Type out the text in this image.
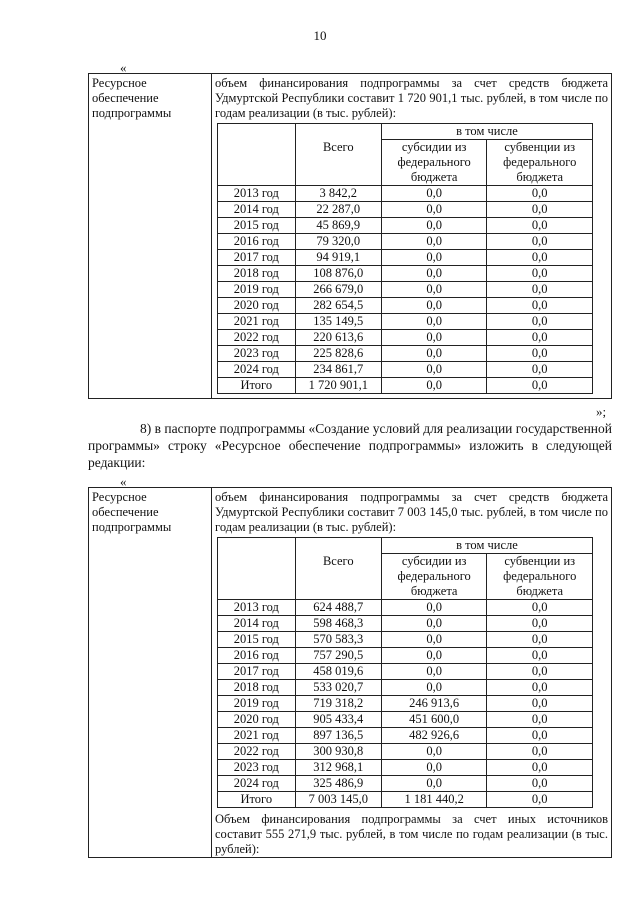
10
«
Ресурсное обеспечение подпрограммы	
объем финансирования подпрограммы за счет средств бюджета Удмуртской Республики составит 1 720 901,1 тыс. рублей, в том числе по годам реализации (в тыс. рублей):
	Всего	в том числе
субсидии из федерального бюджета	субвенции из федерального бюджета
2013 год	3 842,2	0,0	0,0
2014 год	22 287,0	0,0	0,0
2015 год	45 869,9	0,0	0,0
2016 год	79 320,0	0,0	0,0
2017 год	94 919,1	0,0	0,0
2018 год	108 876,0	0,0	0,0
2019 год	266 679,0	0,0	0,0
2020 год	282 654,5	0,0	0,0
2021 год	135 149,5	0,0	0,0
2022 год	220 613,6	0,0	0,0
2023 год	225 828,6	0,0	0,0
2024 год	234 861,7	0,0	0,0
Итого	1 720 901,1	0,0	0,0
»;
8) в паспорте подпрограммы «Создание условий для реализации государственной программы» строку «Ресурсное обеспечение подпрограммы» изложить в следующей редакции:
«
Ресурсное обеспечение подпрограммы	
объем финансирования подпрограммы за счет средств бюджета Удмуртской Республики составит 7 003 145,0 тыс. рублей, в том числе по годам реализации (в тыс. рублей):
	Всего	в том числе
субсидии из федерального бюджета	субвенции из федерального бюджета
2013 год	624 488,7	0,0	0,0
2014 год	598 468,3	0,0	0,0
2015 год	570 583,3	0,0	0,0
2016 год	757 290,5	0,0	0,0
2017 год	458 019,6	0,0	0,0
2018 год	533 020,7	0,0	0,0
2019 год	719 318,2	246 913,6	0,0
2020 год	905 433,4	451 600,0	0,0
2021 год	897 136,5	482 926,6	0,0
2022 год	300 930,8	0,0	0,0
2023 год	312 968,1	0,0	0,0
2024 год	325 486,9	0,0	0,0
Итого	7 003 145,0	1 181 440,2	0,0
Объем финансирования подпрограммы за счет иных источников составит 555 271,9 тыс. рублей, в том числе по годам реализации (в тыс. рублей):
